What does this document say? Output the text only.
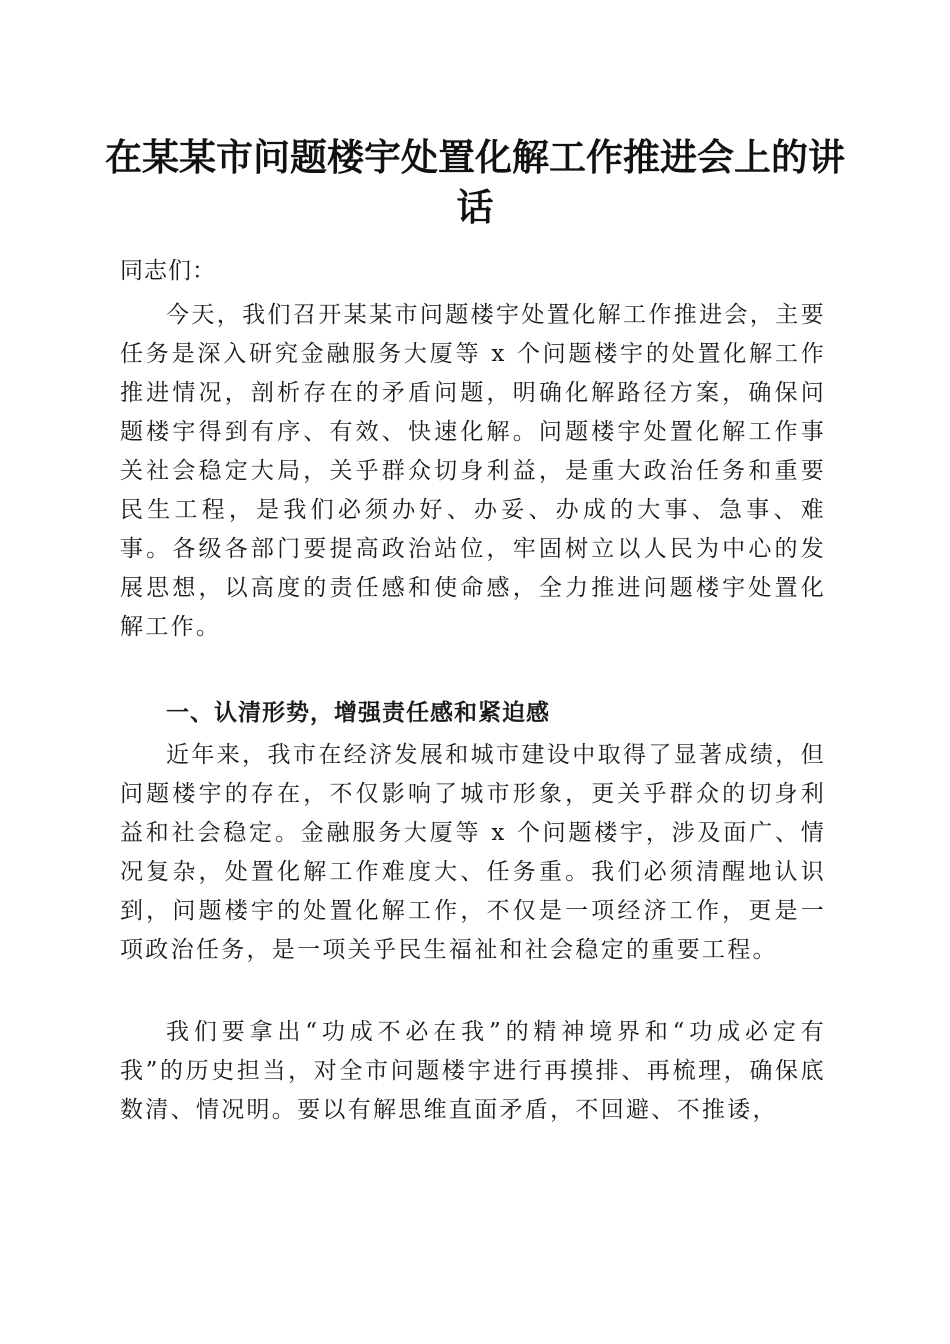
在某某市问题楼宇处置化解工作推进会上的讲话

同志们：

今天，我们召开某某市问题楼宇处置化解工作推进会，主要任务是深入研究金融服务大厦等 x 个问题楼宇的处置化解工作推进情况，剖析存在的矛盾问题，明确化解路径方案，确保问题楼宇得到有序、有效、快速化解。问题楼宇处置化解工作事关社会稳定大局，关乎群众切身利益，是重大政治任务和重要民生工程，是我们必须办好、办妥、办成的大事、急事、难事。各级各部门要提高政治站位，牢固树立以人民为中心的发展思想，以高度的责任感和使命感，全力推进问题楼宇处置化解工作。

一、认清形势，增强责任感和紧迫感

近年来，我市在经济发展和城市建设中取得了显著成绩，但问题楼宇的存在，不仅影响了城市形象，更关乎群众的切身利益和社会稳定。金融服务大厦等 x 个问题楼宇，涉及面广、情况复杂，处置化解工作难度大、任务重。我们必须清醒地认识到，问题楼宇的处置化解工作，不仅是一项经济工作，更是一项政治任务，是一项关乎民生福祉和社会稳定的重要工程。

我们要拿出“功成不必在我”的精神境界和“功成必定有我”的历史担当，对全市问题楼宇进行再摸排、再梳理，确保底数清、情况明。要以有解思维直面矛盾，不回避、不推诿，
